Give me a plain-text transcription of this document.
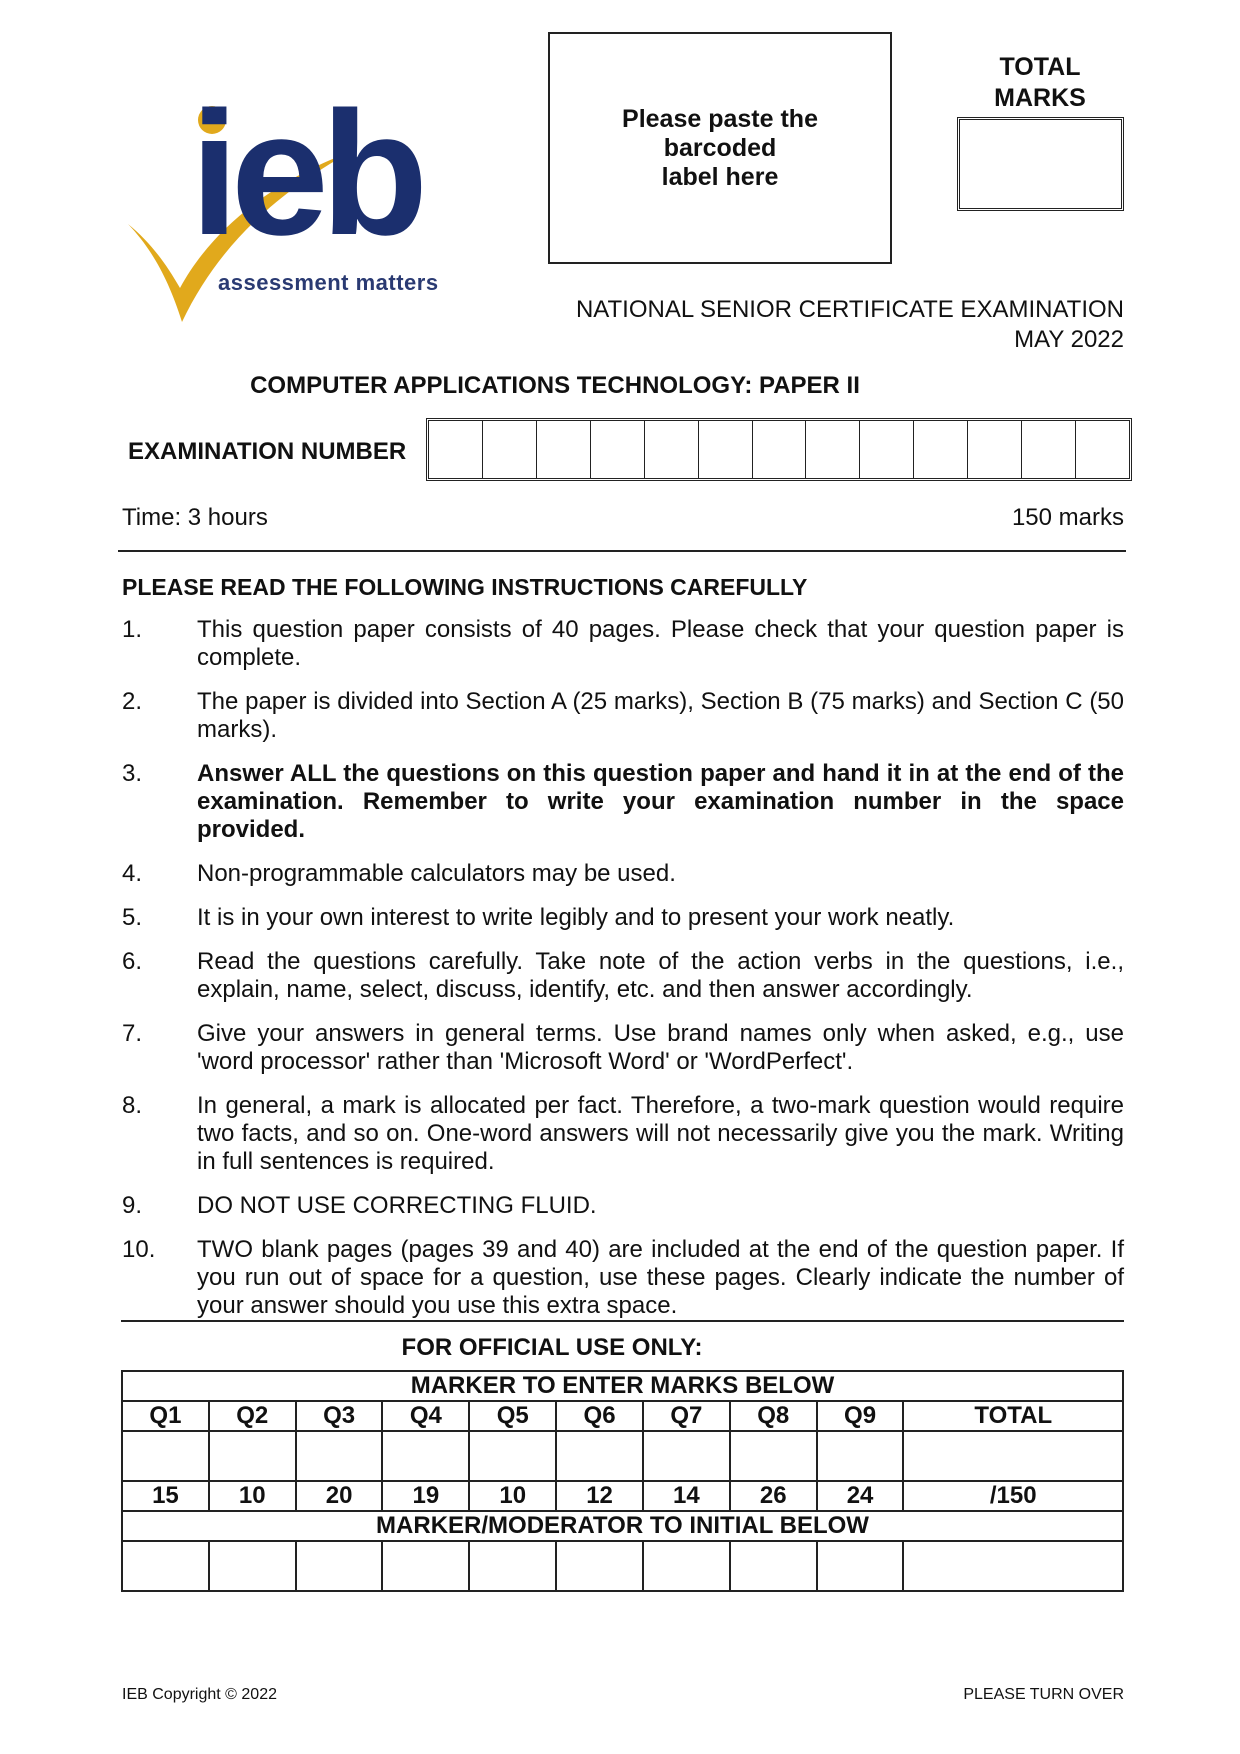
ieb
assessment matters
Please paste the barcoded
label here
TOTAL
MARKS
NATIONAL SENIOR CERTIFICATE EXAMINATION
MAY 2022
COMPUTER APPLICATIONS TECHNOLOGY: PAPER II
EXAMINATION NUMBER
Time: 3 hours	150 marks
PLEASE READ THE FOLLOWING INSTRUCTIONS CAREFULLY
1.	This question paper consists of 40 pages. Please check that your question paper is complete.
2.	The paper is divided into Section A (25 marks), Section B (75 marks) and Section C (50 marks).
3.	Answer ALL the questions on this question paper and hand it in at the end of the examination. Remember to write your examination number in the space provided.
4.	Non-programmable calculators may be used.
5.	It is in your own interest to write legibly and to present your work neatly.
6.	Read the questions carefully. Take note of the action verbs in the questions, i.e., explain, name, select, discuss, identify, etc. and then answer accordingly.
7.	Give your answers in general terms. Use brand names only when asked, e.g., use 'word processor' rather than 'Microsoft Word' or 'WordPerfect'.
8.	In general, a mark is allocated per fact. Therefore, a two-mark question would require two facts, and so on. One-word answers will not necessarily give you the mark. Writing in full sentences is required.
9.	DO NOT USE CORRECTING FLUID.
10.	TWO blank pages (pages 39 and 40) are included at the end of the question paper. If you run out of space for a question, use these pages. Clearly indicate the number of your answer should you use this extra space.
FOR OFFICIAL USE ONLY:
MARKER TO ENTER MARKS BELOW									
Q1	Q2	Q3	Q4	Q5	Q6	Q7	Q8	Q9	TOTAL

15	10	20	19	10	12	14	26	24	/150
MARKER/MODERATOR TO INITIAL BELOW									

IEB Copyright © 2022	PLEASE TURN OVER
